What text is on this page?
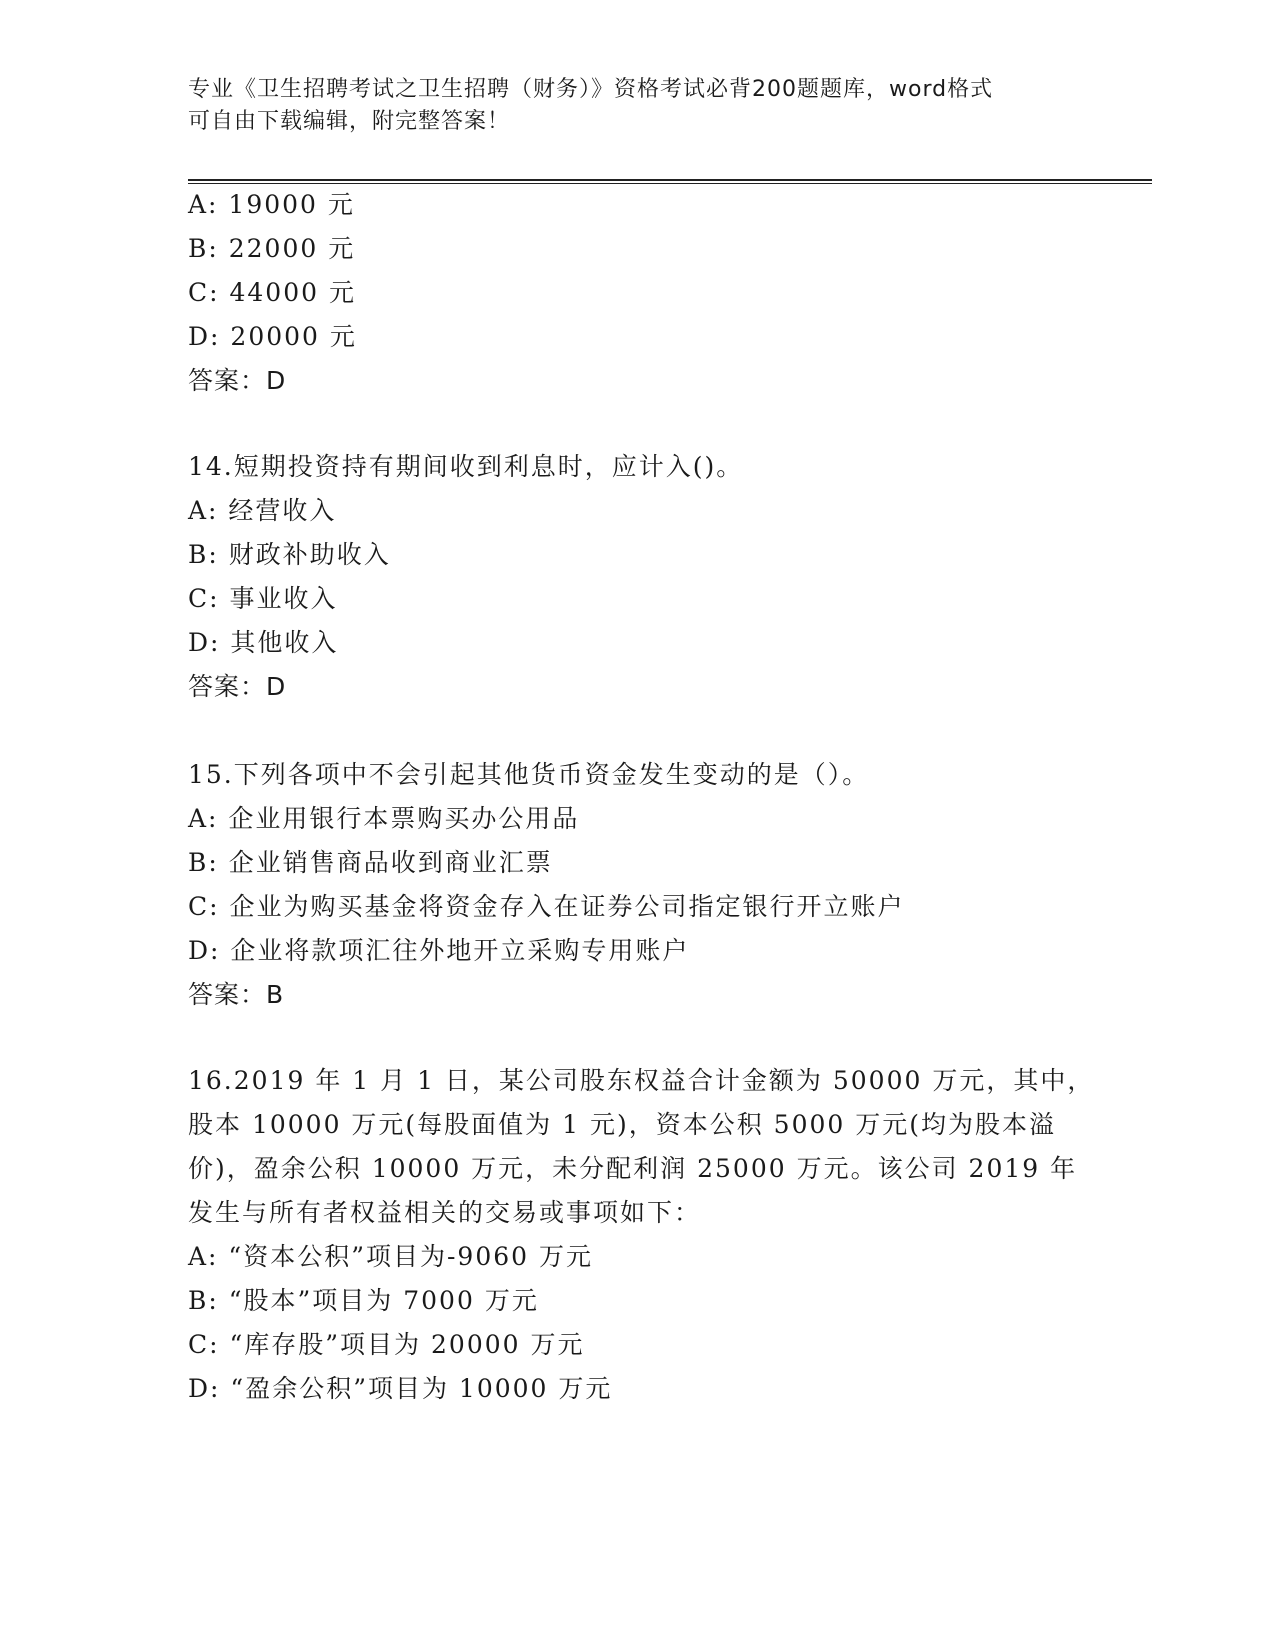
专业《卫生招聘考试之卫生招聘（财务）》资格考试必背200题题库，word格式
可自由下载编辑，附完整答案！
A: 19000 元
B: 22000 元
C: 44000 元
D: 20000 元
答案：D
14.短期投资持有期间收到利息时，应计入()。
A: 经营收入
B: 财政补助收入
C: 事业收入
D: 其他收入
答案：D
15.下列各项中不会引起其他货币资金发生变动的是（）。
A: 企业用银行本票购买办公用品
B: 企业销售商品收到商业汇票
C: 企业为购买基金将资金存入在证券公司指定银行开立账户
D: 企业将款项汇往外地开立采购专用账户
答案：B
16.2019 年 1 月 1 日，某公司股东权益合计金额为 50000 万元，其中，
股本 10000 万元(每股面值为 1 元)，资本公积 5000 万元(均为股本溢
价)，盈余公积 10000 万元，未分配利润 25000 万元。该公司 2019 年
发生与所有者权益相关的交易或事项如下：
A: “资本公积”项目为-9060 万元
B: “股本”项目为 7000 万元
C: “库存股”项目为 20000 万元
D: “盈余公积”项目为 10000 万元
